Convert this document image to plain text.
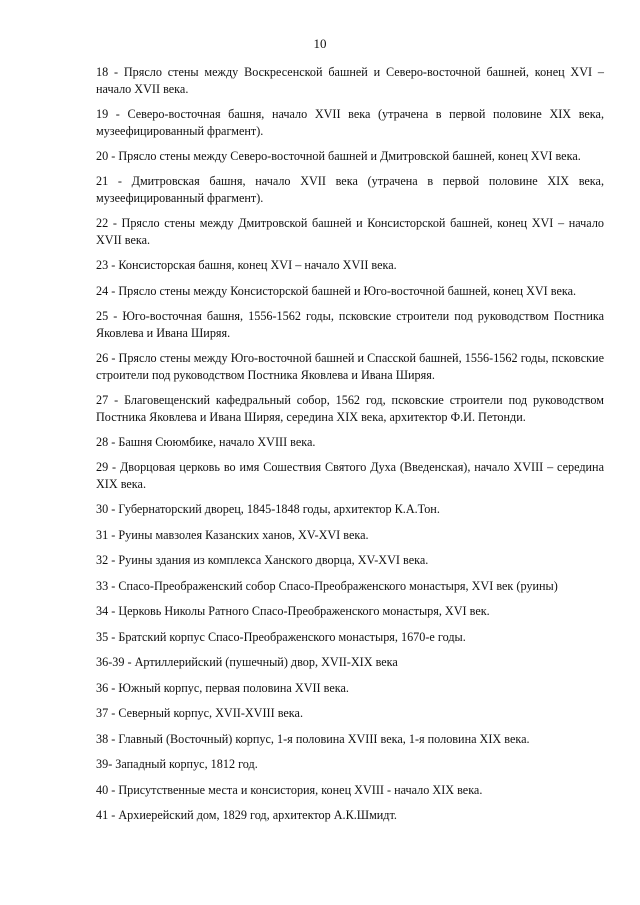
10

18 - Прясло стены между Воскресенской башней и Северо-восточной башней, конец XVI – начало XVII века.

19 - Северо-восточная башня, начало XVII века (утрачена в первой половине XIX века, музеефицированный фрагмент).

20 - Прясло стены между Северо-восточной башней и Дмитровской башней, конец XVI века.

21 - Дмитровская башня, начало XVII века (утрачена в первой половине XIX века, музеефицированный фрагмент).

22 - Прясло стены между Дмитровской башней и Консисторской башней, конец XVI – начало XVII века.

23 - Консисторская башня, конец XVI – начало XVII века.

24 - Прясло стены между Консисторской башней и Юго-восточной башней, конец XVI века.

25 - Юго-восточная башня, 1556-1562 годы, псковские строители под руководством Постника Яковлева и Ивана Ширяя.

26 - Прясло стены между Юго-восточной башней и Спасской башней, 1556-1562 годы, псковские строители под руководством Постника Яковлева и Ивана Ширяя.

27 - Благовещенский кафедральный собор, 1562 год, псковские строители под руководством Постника Яковлева и Ивана Ширяя, середина XIX века, архитектор Ф.И. Петонди.

28 - Башня Сююмбике, начало XVIII века.

29 - Дворцовая церковь во имя Сошествия Святого Духа (Введенская), начало XVIII – середина XIX века.

30 - Губернаторский дворец, 1845-1848 годы, архитектор К.А.Тон.

31 - Руины мавзолея Казанских ханов, XV-XVI века.

32 - Руины здания из комплекса Ханского дворца, XV-XVI века.

33 - Спасо-Преображенский собор Спасо-Преображенского монастыря, XVI век (руины)

34 - Церковь Николы Ратного Спасо-Преображенского монастыря, XVI век.

35 - Братский корпус Спасо-Преображенского монастыря, 1670-е годы.

36-39 - Артиллерийский (пушечный) двор, XVII-XIX века

36 - Южный корпус, первая половина XVII века.

37 - Северный корпус, XVII-XVIII века.

38 - Главный (Восточный) корпус, 1-я половина XVIII века, 1-я половина XIX века.

39- Западный корпус, 1812 год.

40 - Присутственные места и консистория, конец XVIII - начало XIX века.

41 - Архиерейский дом, 1829 год, архитектор А.К.Шмидт.
